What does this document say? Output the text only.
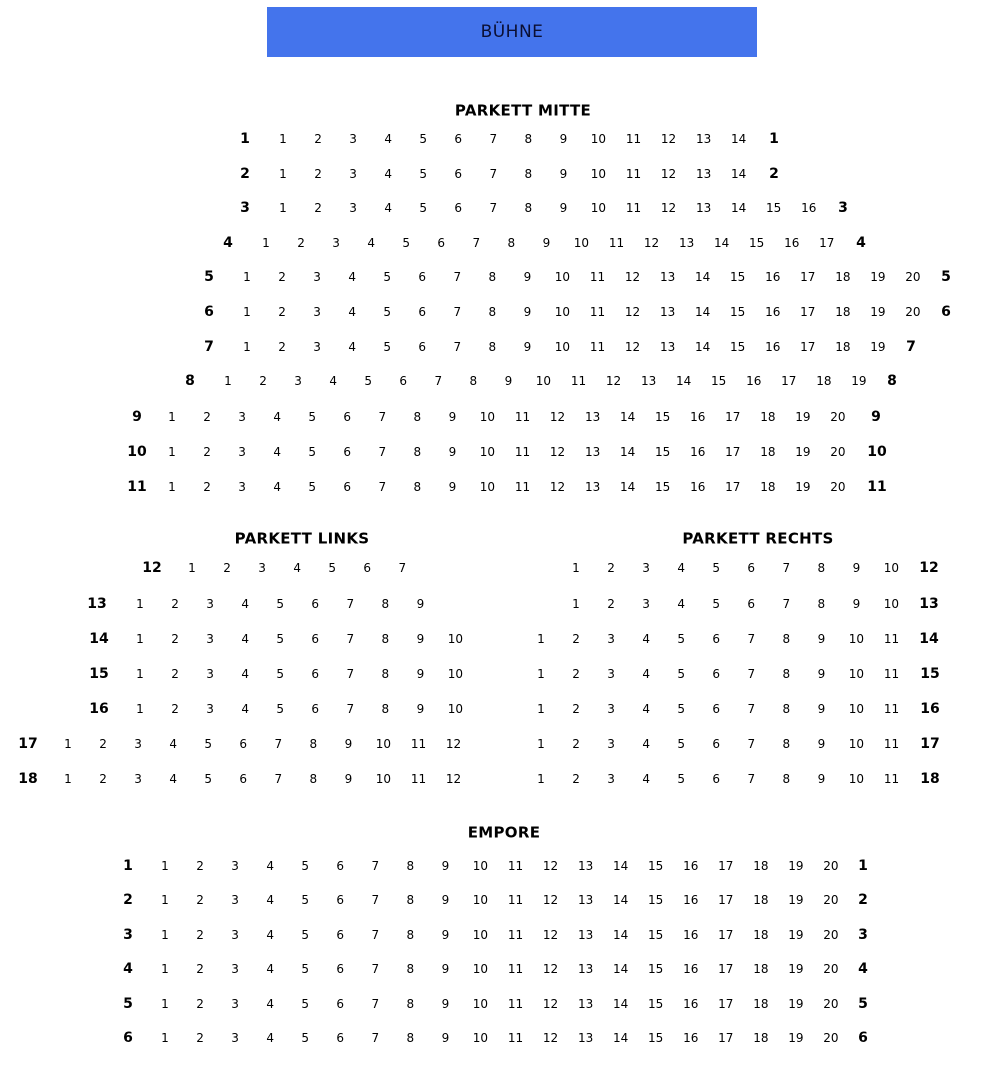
BÜHNE
PARKETT MITTE
1 1 2 3 4 5 6 7 8 9 10 11 12 13 14 1
2 1 2 3 4 5 6 7 8 9 10 11 12 13 14 2
3 1 2 3 4 5 6 7 8 9 10 11 12 13 14 15 16 3
4 1 2 3 4 5 6 7 8 9 10 11 12 13 14 15 16 17 4
5 1 2 3 4 5 6 7 8 9 10 11 12 13 14 15 16 17 18 19 20 5
6 1 2 3 4 5 6 7 8 9 10 11 12 13 14 15 16 17 18 19 20 6
7 1 2 3 4 5 6 7 8 9 10 11 12 13 14 15 16 17 18 19 7
8 1 2 3 4 5 6 7 8 9 10 11 12 13 14 15 16 17 18 19 8
9 1 2 3 4 5 6 7 8 9 10 11 12 13 14 15 16 17 18 19 20 9
10 1 2 3 4 5 6 7 8 9 10 11 12 13 14 15 16 17 18 19 20 10
11 1 2 3 4 5 6 7 8 9 10 11 12 13 14 15 16 17 18 19 20 11
PARKETT LINKS
12 1 2 3 4 5 6 7
13 1 2 3 4 5 6 7 8 9
14 1 2 3 4 5 6 7 8 9 10
15 1 2 3 4 5 6 7 8 9 10
16 1 2 3 4 5 6 7 8 9 10
17 1 2 3 4 5 6 7 8 9 10 11 12
18 1 2 3 4 5 6 7 8 9 10 11 12
PARKETT RECHTS
1 2 3 4 5 6 7 8 9 10 12
1 2 3 4 5 6 7 8 9 10 13
1 2 3 4 5 6 7 8 9 10 11 14
1 2 3 4 5 6 7 8 9 10 11 15
1 2 3 4 5 6 7 8 9 10 11 16
1 2 3 4 5 6 7 8 9 10 11 17
1 2 3 4 5 6 7 8 9 10 11 18
EMPORE
1 1 2 3 4 5 6 7 8 9 10 11 12 13 14 15 16 17 18 19 20 1
2 1 2 3 4 5 6 7 8 9 10 11 12 13 14 15 16 17 18 19 20 2
3 1 2 3 4 5 6 7 8 9 10 11 12 13 14 15 16 17 18 19 20 3
4 1 2 3 4 5 6 7 8 9 10 11 12 13 14 15 16 17 18 19 20 4
5 1 2 3 4 5 6 7 8 9 10 11 12 13 14 15 16 17 18 19 20 5
6 1 2 3 4 5 6 7 8 9 10 11 12 13 14 15 16 17 18 19 20 6
